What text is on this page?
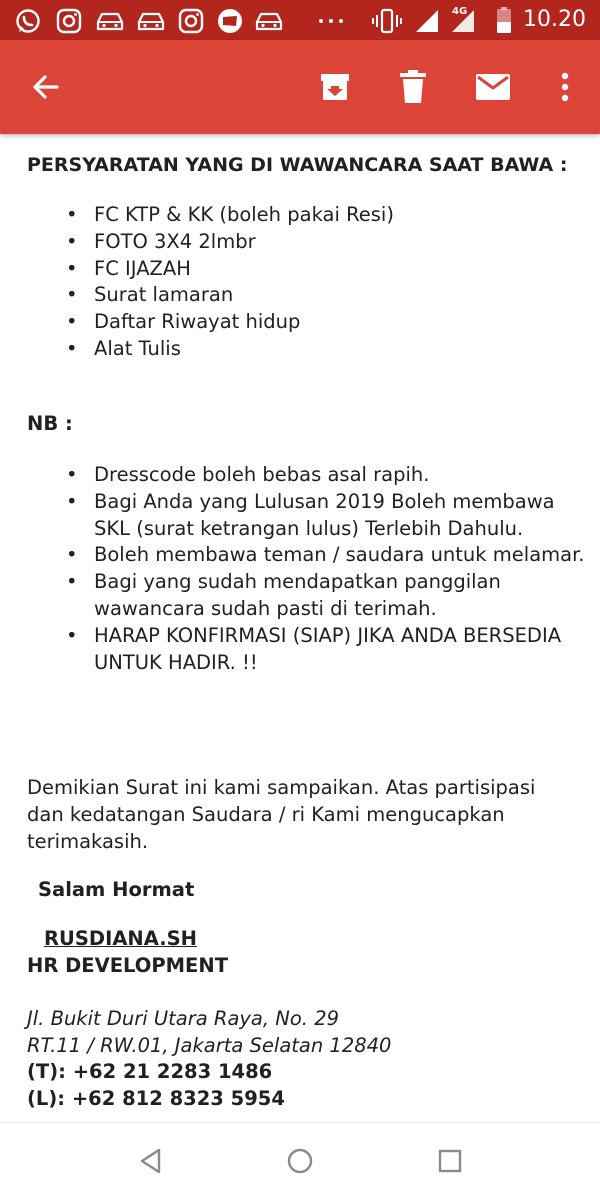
4G	10.20
PERSYARATAN YANG DI WAWANCARA SAAT BAWA :
• FC KTP & KK (boleh pakai Resi)
• FOTO 3X4 2lmbr
• FC IJAZAH
• Surat lamaran
• Daftar Riwayat hidup
• Alat Tulis
NB :
• Dresscode boleh bebas asal rapih.
• Bagi Anda yang Lulusan 2019 Boleh membawa SKL (surat ketrangan lulus) Terlebih Dahulu.
• Boleh membawa teman / saudara untuk melamar.
• Bagi yang sudah mendapatkan panggilan wawancara sudah pasti di terimah.
• HARAP KONFIRMASI (SIAP) JIKA ANDA BERSEDIA UNTUK HADIR. !!
Demikian Surat ini kami sampaikan. Atas partisipasi dan kedatangan Saudara / ri Kami mengucapkan terimakasih.
Salam Hormat
RUSDIANA.SH
HR DEVELOPMENT
Jl. Bukit Duri Utara Raya, No. 29
RT.11 / RW.01, Jakarta Selatan 12840
(T): +62 21 2283 1486
(L): +62 812 8323 5954
